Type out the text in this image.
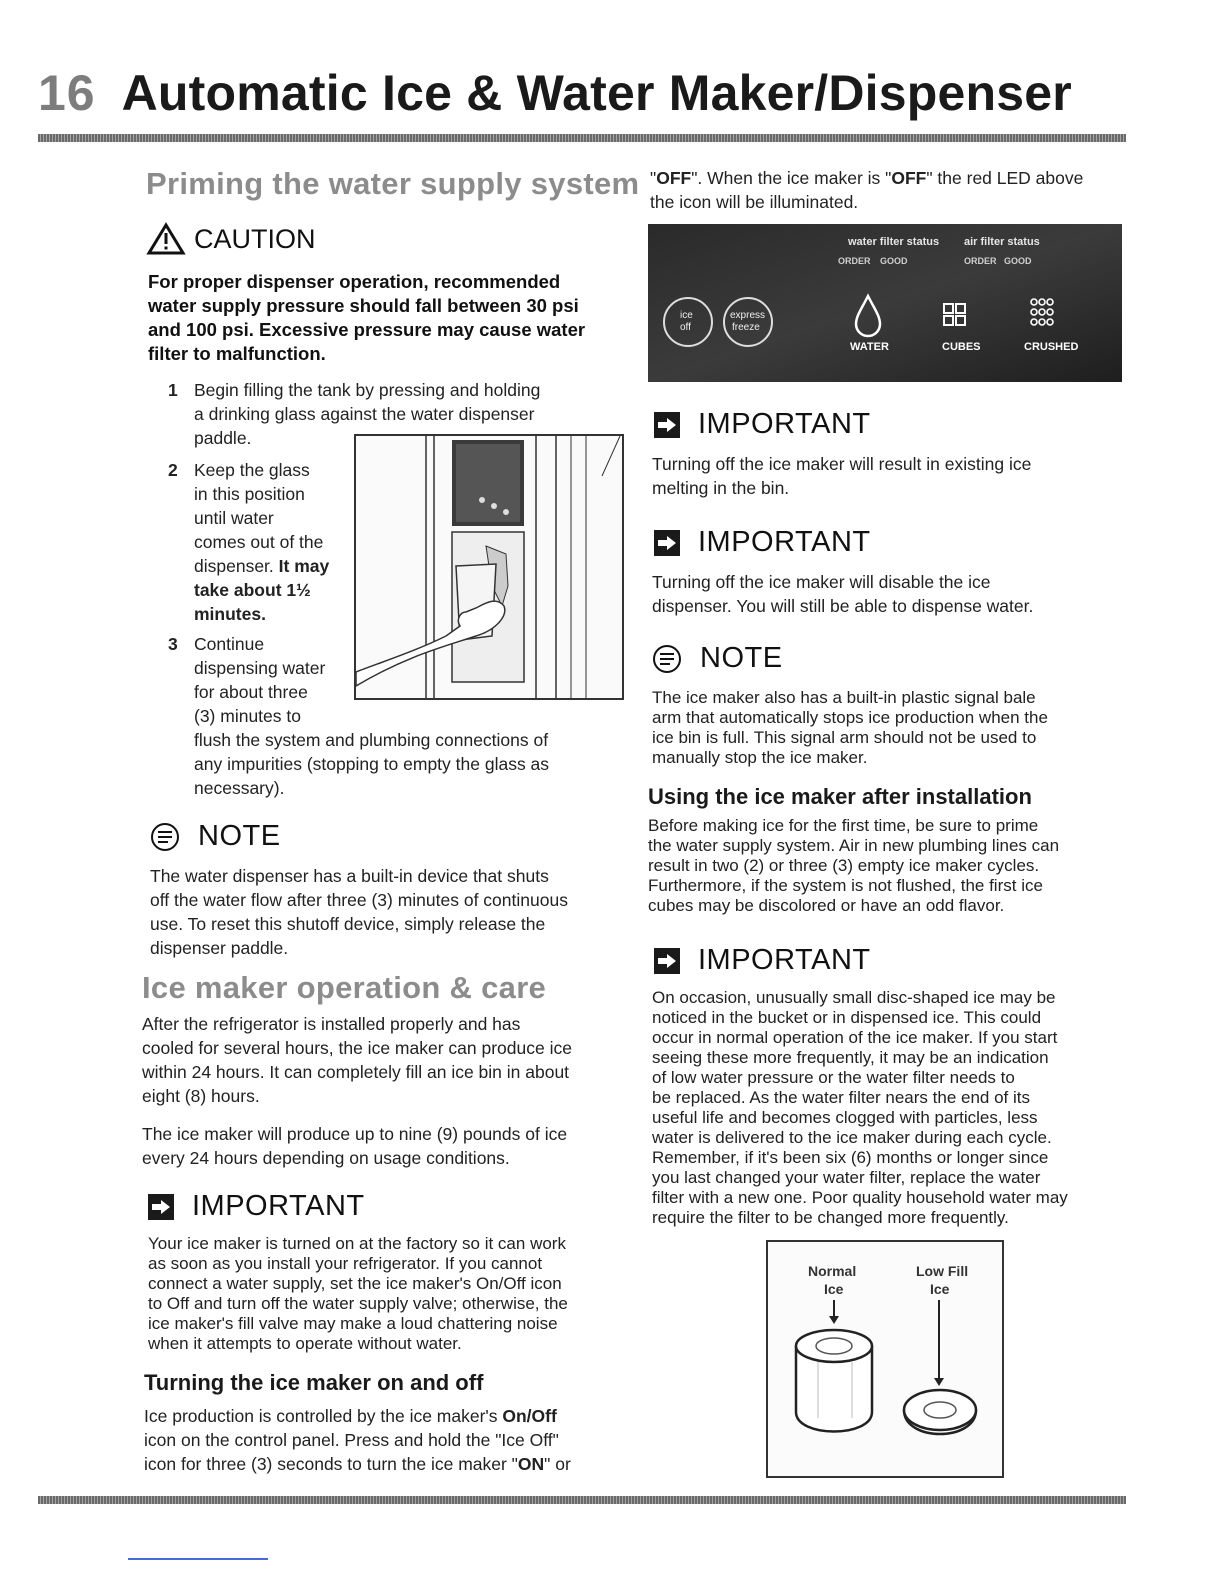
16 Automatic Ice & Water Maker/Dispenser
Priming the water supply system
CAUTION
For proper dispenser operation, recommended
water supply pressure should fall between 30 psi
and 100 psi. Excessive pressure may cause water
filter to malfunction.
1 Begin filling the tank by pressing and holding
a drinking glass against the water dispenser
paddle.
2 Keep the glass
in this position
until water
comes out of the
dispenser. It may
take about 1½
minutes.
3 Continue
dispensing water
for about three
(3) minutes to
flush the system and plumbing connections of
any impurities (stopping to empty the glass as
necessary).
NOTE
The water dispenser has a built-in device that shuts
off the water flow after three (3) minutes of continuous
use. To reset this shutoff device, simply release the
dispenser paddle.
Ice maker operation & care
After the refrigerator is installed properly and has
cooled for several hours, the ice maker can produce ice
within 24 hours. It can completely fill an ice bin in about
eight (8) hours.
The ice maker will produce up to nine (9) pounds of ice
every 24 hours depending on usage conditions.
IMPORTANT
Your ice maker is turned on at the factory so it can work
as soon as you install your refrigerator. If you cannot
connect a water supply, set the ice maker's On/Off icon
to Off and turn off the water supply valve; otherwise, the
ice maker's fill valve may make a loud chattering noise
when it attempts to operate without water.
Turning the ice maker on and off
Ice production is controlled by the ice maker's On/Off
icon on the control panel. Press and hold the "Ice Off"
icon for three (3) seconds to turn the ice maker "ON" or
"OFF". When the ice maker is "OFF" the red LED above
the icon will be illuminated.
water filter status air filter status
ORDER GOOD	ORDER GOOD
ice
off
express
freeze
WATER	CUBES	CRUSHED
IMPORTANT
Turning off the ice maker will result in existing ice
melting in the bin.
IMPORTANT
Turning off the ice maker will disable the ice
dispenser. You will still be able to dispense water.
NOTE
The ice maker also has a built-in plastic signal bale
arm that automatically stops ice production when the
ice bin is full. This signal arm should not be used to
manually stop the ice maker.
Using the ice maker after installation
Before making ice for the first time, be sure to prime
the water supply system. Air in new plumbing lines can
result in two (2) or three (3) empty ice maker cycles.
Furthermore, if the system is not flushed, the first ice
cubes may be discolored or have an odd flavor.
IMPORTANT
On occasion, unusually small disc-shaped ice may be
noticed in the bucket or in dispensed ice. This could
occur in normal operation of the ice maker. If you start
seeing these more frequently, it may be an indication
of low water pressure or the water filter needs to
be replaced. As the water filter nears the end of its
useful life and becomes clogged with particles, less
water is delivered to the ice maker during each cycle.
Remember, if it's been six (6) months or longer since
you last changed your water filter, replace the water
filter with a new one. Poor quality household water may
require the filter to be changed more frequently.
Normal
Ice
Low Fill
Ice
